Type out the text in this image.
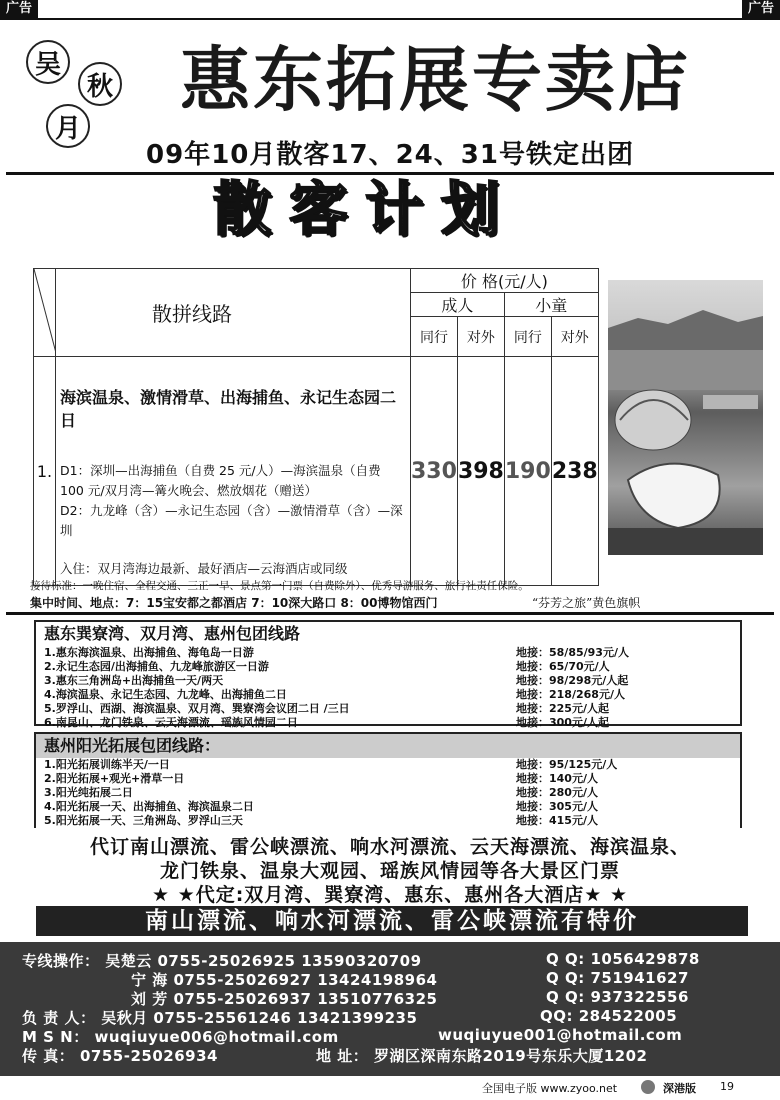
广告	广告
吴
秋
月
惠东拓展专卖店
09年10月散客17、24、31号铁定出团
散客计划
	散拼线路	价 格(元/人)			
		成人		小童	
		同行	对外	同行	对外
1.	海滨温泉、激情滑草、出海捕鱼、永记生态园二日
D1：深圳—出海捕鱼（自费 25 元/人）—海滨温泉（自费 100 元/双月湾—篝火晚会、燃放烟花（赠送）
D2：九龙峰（含）—永记生态园（含）—激情滑草（含）—深圳
入住：双月湾海边最新、最好酒店—云海酒店或同级	330	398	190	238
接待标准：一晚住宿、全程交通、三正一早、景点第一门票（自费除外）、优秀导游服务、旅行社责任保险。
集中时间、地点：7：15宝安都之都酒店 7：10深大路口 8：00博物馆西门	“芬芳之旅”黄色旗帜
惠东巽寮湾、双月湾、惠州包团线路
1.惠东海滨温泉、出海捕鱼、海龟岛一日游	地接：58/85/93元/人
2.永记生态园/出海捕鱼、九龙峰旅游区一日游	地接：65/70元/人
3.惠东三角洲岛+出海捕鱼一天/两天	地接：98/298元/人起
4.海滨温泉、永记生态园、九龙峰、出海捕鱼二日	地接：218/268元/人
5.罗浮山、西湖、海滨温泉、双月湾、巽寮湾会议团二日 /三日	地接：225元/人起
6.南昆山、龙门铁泉、云天海漂流、瑶族风情园二日	地接：300元/人起
惠州阳光拓展包团线路：
1.阳光拓展训练半天/一日	地接：95/125元/人
2.阳光拓展+观光+滑草一日	地接：140元/人
3.阳光纯拓展二日	地接：280元/人
4.阳光拓展一天、出海捕鱼、海滨温泉二日	地接：305元/人
5.阳光拓展一天、三角洲岛、罗浮山三天	地接：415元/人
代订南山漂流、雷公峡漂流、响水河漂流、云天海漂流、海滨温泉、
龙门铁泉、温泉大观园、瑶族风情园等各大景区门票
★ ★代定:双月湾、巽寮湾、惠东、惠州各大酒店★ ★
南山漂流、响水河漂流、雷公峡漂流有特价
专线操作： 吴楚云 0755-25026925 13590320709	Q Q: 1056429878
宁 海 0755-25026927 13424198964	Q Q: 751941627
刘 芳 0755-25026937 13510776325	Q Q: 937322556
负 责 人： 吴秋月 0755-25561246 13421399235	QQ: 284522005
M S N： wuqiuyue006@hotmail.com	wuqiuyue001@hotmail.com
传 真： 0755-25026934	地 址： 罗湖区深南东路2019号东乐大厦1202
全国电子版 www.zyoo.net	深港版 19
